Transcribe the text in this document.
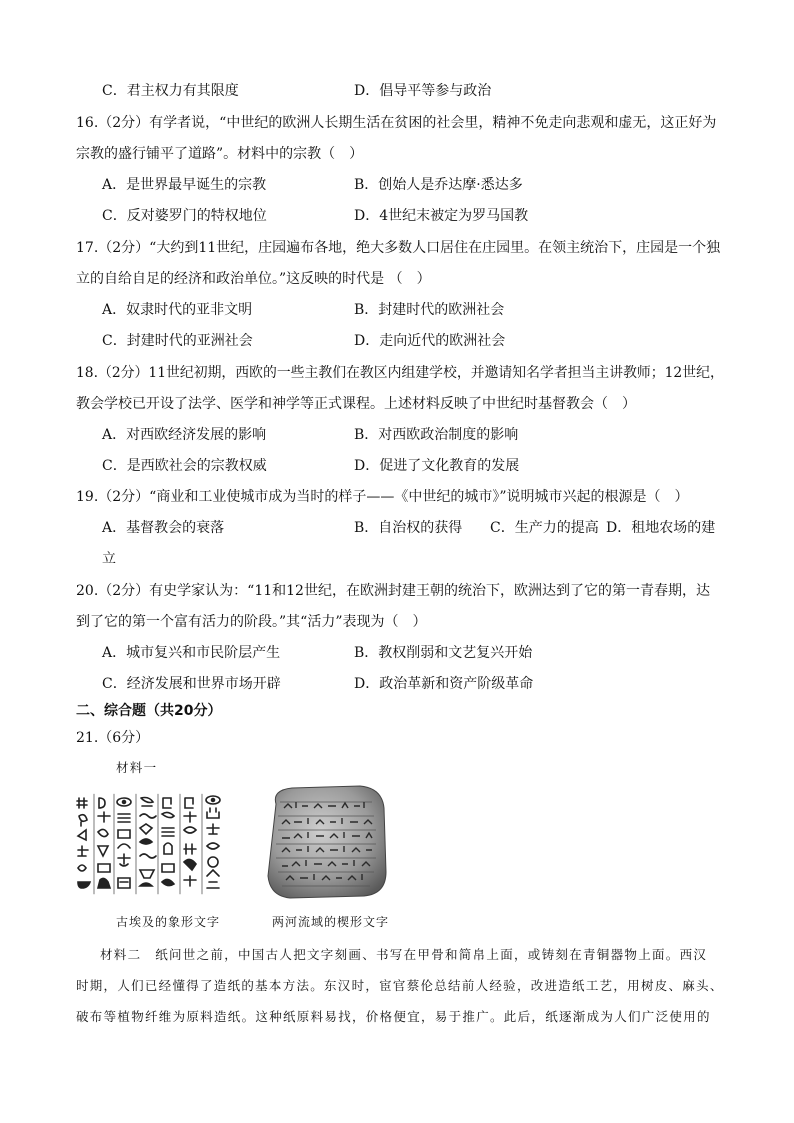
C．君主权力有其限度	D．倡导平等参与政治
16.（2分）有学者说，“中世纪的欧洲人长期生活在贫困的社会里，精神不免走向悲观和虚无，这正好为
宗教的盛行铺平了道路”。材料中的宗教（　）
A．是世界最早诞生的宗教	B．创始人是乔达摩·悉达多
C．反对婆罗门的特权地位	D．4世纪末被定为罗马国教
17.（2分）“大约到11世纪，庄园遍布各地，绝大多数人口居住在庄园里。在领主统治下，庄园是一个独
立的自给自足的经济和政治单位。”这反映的时代是 （　）
A．奴隶时代的亚非文明	B．封建时代的欧洲社会
C．封建时代的亚洲社会	D．走向近代的欧洲社会
18.（2分）11世纪初期，西欧的一些主教们在教区内组建学校，并邀请知名学者担当主讲教师；12世纪，
教会学校已开设了法学、医学和神学等正式课程。上述材料反映了中世纪时基督教会（　）
A．对西欧经济发展的影响	B．对西欧政治制度的影响
C．是西欧社会的宗教权威	D．促进了文化教育的发展
19.（2分）“商业和工业使城市成为当时的样子——《中世纪的城市》”说明城市兴起的根源是（　）
A．基督教会的衰落	B．自治权的获得 C．生产力的提高 D．租地农场的建
立
20.（2分）有史学家认为：“11和12世纪，在欧洲封建王朝的统治下，欧洲达到了它的第一青春期，达
到了它的第一个富有活力的阶段。”其“活力”表现为（　）
A．城市复兴和市民阶层产生	B．教权削弱和文艺复兴开始
C．经济发展和世界市场开辟	D．政治革新和资产阶级革命
二、综合题（共20分）
21.（6分）
材料一
古埃及的象形文字	两河流域的楔形文字
材料二　纸问世之前，中国古人把文字刻画、书写在甲骨和简帛上面，或铸刻在青铜器物上面。西汉
时期，人们已经懂得了造纸的基本方法。东汉时，宦官蔡伦总结前人经验，改进造纸工艺，用树皮、麻头、
破布等植物纤维为原料造纸。这种纸原料易找，价格便宜，易于推广。此后，纸逐渐成为人们广泛使用的
